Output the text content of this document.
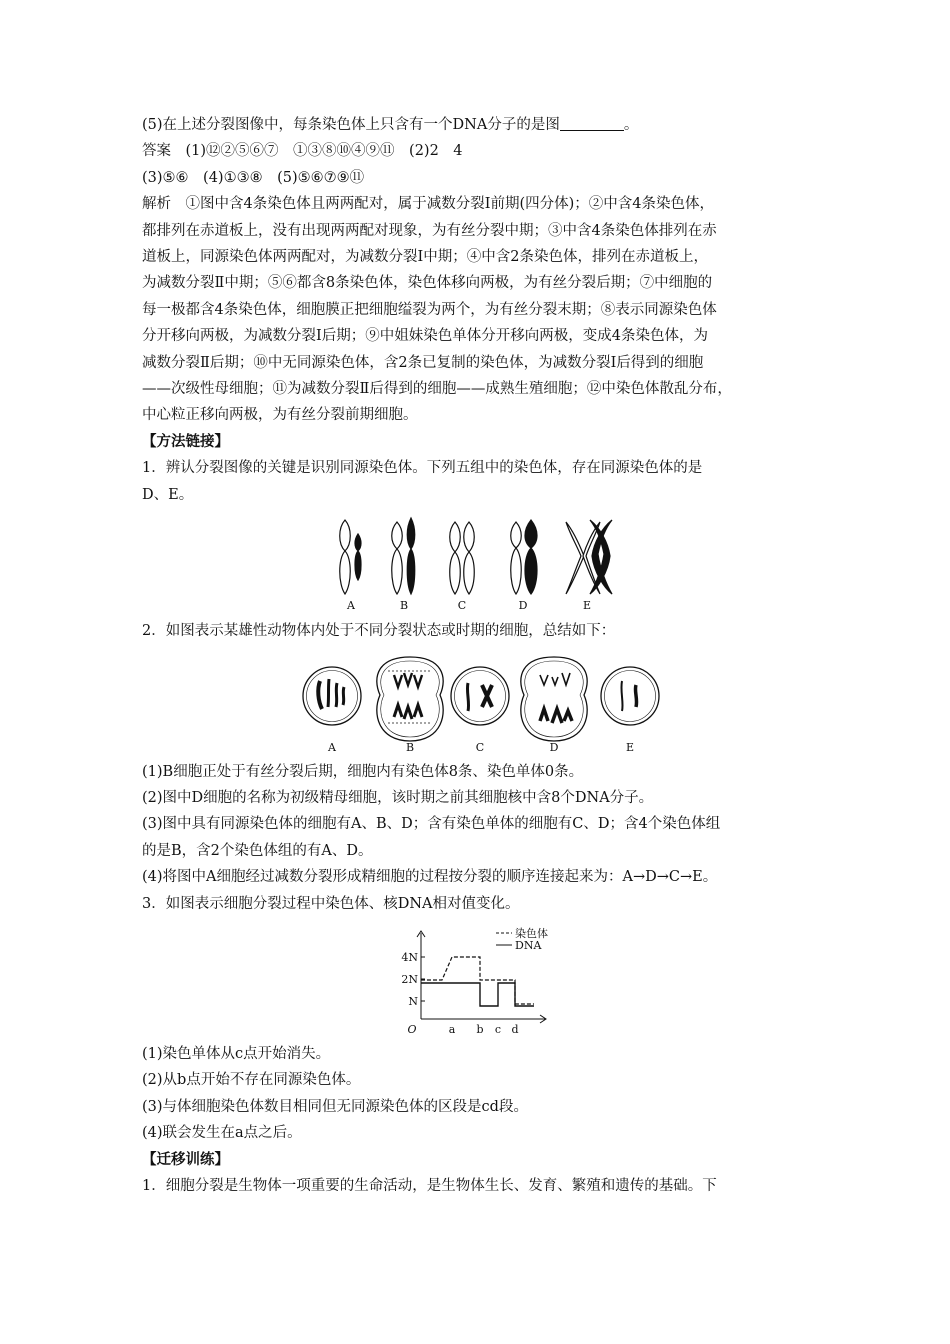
(5)在上述分裂图像中，每条染色体上只含有一个DNA分子的是图	。

答案　(1)⑫②⑤⑥⑦　①③⑧⑩④⑨⑪　(2)2　4

(3)⑤⑥　(4)①③⑧　(5)⑤⑥⑦⑨⑪

解析　①图中含4条染色体且两两配对，属于减数分裂Ⅰ前期(四分体)；②中含4条染色体，

都排列在赤道板上，没有出现两两配对现象，为有丝分裂中期；③中含4条染色体排列在赤

道板上，同源染色体两两配对，为减数分裂Ⅰ中期；④中含2条染色体，排列在赤道板上，

为减数分裂Ⅱ中期；⑤⑥都含8条染色体，染色体移向两极，为有丝分裂后期；⑦中细胞的

每一极都含4条染色体，细胞膜正把细胞缢裂为两个，为有丝分裂末期；⑧表示同源染色体

分开移向两极，为减数分裂Ⅰ后期；⑨中姐妹染色单体分开移向两极，变成4条染色体，为

减数分裂Ⅱ后期；⑩中无同源染色体，含2条已复制的染色体，为减数分裂Ⅰ后得到的细胞

——次级性母细胞；⑪为减数分裂Ⅱ后得到的细胞——成熟生殖细胞；⑫中染色体散乱分布，

中心粒正移向两极，为有丝分裂前期细胞。

【方法链接】

1．辨认分裂图像的关键是识别同源染色体。下列五组中的染色体，存在同源染色体的是

D、E。

A	B	C	D	E

2．如图表示某雄性动物体内处于不同分裂状态或时期的细胞，总结如下：

A	B	C	D	E

(1)B细胞正处于有丝分裂后期，细胞内有染色体8条、染色单体0条。

(2)图中D细胞的名称为初级精母细胞，该时期之前其细胞核中含8个DNA分子。

(3)图中具有同源染色体的细胞有A、B、D；含有染色单体的细胞有C、D；含4个染色体组

的是B，含2个染色体组的有A、D。

(4)将图中A细胞经过减数分裂形成精细胞的过程按分裂的顺序连接起来为：A→D→C→E。

3．如图表示细胞分裂过程中染色体、核DNA相对值变化。

染色体
DNA
4N
2N
N
O	a b c d

(1)染色单体从c点开始消失。

(2)从b点开始不存在同源染色体。

(3)与体细胞染色体数目相同但无同源染色体的区段是cd段。

(4)联会发生在a点之后。

【迁移训练】

1．细胞分裂是生物体一项重要的生命活动，是生物体生长、发育、繁殖和遗传的基础。下
